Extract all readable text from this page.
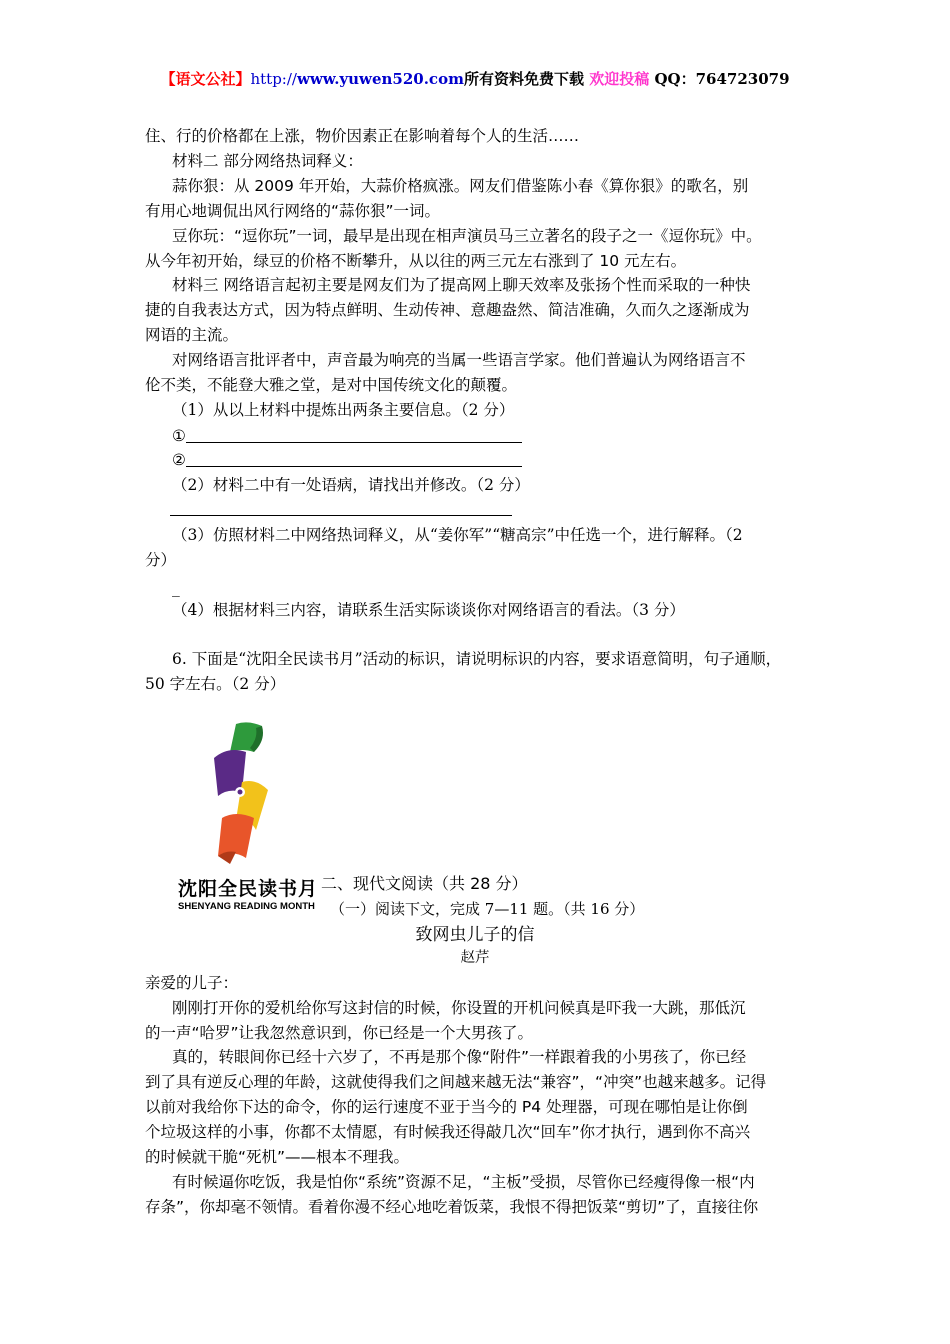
【语文公社】http://www.yuwen520.com所有资料免费下载 欢迎投稿 QQ：764723079
住、行的价格都在上涨，物价因素正在影响着每个人的生活……
材料二 部分网络热词释义：
蒜你狠：从 2009 年开始，大蒜价格疯涨。网友们借鉴陈小春《算你狠》的歌名，别
有用心地调侃出风行网络的“蒜你狠”一词。
豆你玩：“逗你玩”一词，最早是出现在相声演员马三立著名的段子之一《逗你玩》中。
从今年初开始，绿豆的价格不断攀升，从以往的两三元左右涨到了 10 元左右。
材料三 网络语言起初主要是网友们为了提高网上聊天效率及张扬个性而采取的一种快
捷的自我表达方式，因为特点鲜明、生动传神、意趣盎然、简洁准确，久而久之逐渐成为
网语的主流。
对网络语言批评者中，声音最为响亮的当属一些语言学家。他们普遍认为网络语言不
伦不类，不能登大雅之堂，是对中国传统文化的颠覆。
（1）从以上材料中提炼出两条主要信息。（2 分）
①
②
（2）材料二中有一处语病，请找出并修改。（2 分）
（3）仿照材料二中网络热词释义，从“姜你军”“糖高宗”中任选一个，进行解释。（2
分）
_
（4）根据材料三内容，请联系生活实际谈谈你对网络语言的看法。（3 分）
6. 下面是“沈阳全民读书月”活动的标识，请说明标识的内容，要求语意简明，句子通顺，
50 字左右。（2 分）
沈阳全民读书月
SHENYANG READING MONTH
二、现代文阅读（共 28 分）
（一）阅读下文，完成 7—11 题。（共 16 分）
致网虫儿子的信
赵芹
亲爱的儿子：
刚刚打开你的爱机给你写这封信的时候，你设置的开机问候真是吓我一大跳，那低沉
的一声“哈罗”让我忽然意识到，你已经是一个大男孩了。
真的，转眼间你已经十六岁了，不再是那个像“附件”一样跟着我的小男孩了，你已经
到了具有逆反心理的年龄，这就使得我们之间越来越无法“兼容”，“冲突”也越来越多。记得
以前对我给你下达的命令，你的运行速度不亚于当今的 P4 处理器，可现在哪怕是让你倒
个垃圾这样的小事，你都不太情愿，有时候我还得敲几次“回车”你才执行，遇到你不高兴
的时候就干脆“死机”——根本不理我。
有时候逼你吃饭，我是怕你“系统”资源不足，“主板”受损，尽管你已经瘦得像一根“内
存条”，你却毫不领情。看着你漫不经心地吃着饭菜，我恨不得把饭菜“剪切”了，直接往你
